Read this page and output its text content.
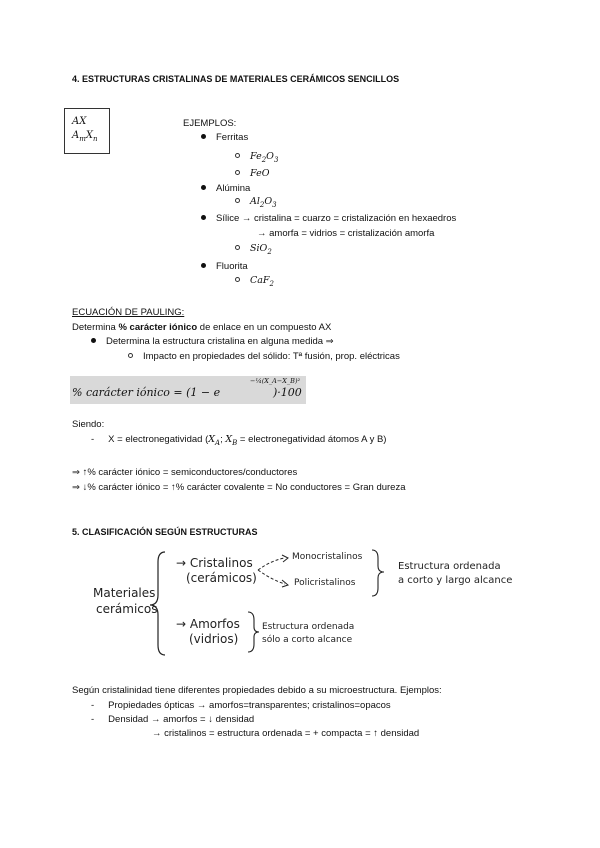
4. ESTRUCTURAS CRISTALINAS DE MATERIALES CERÁMICOS SENCILLOS
AX
$A_mX_n$
EJEMPLOS:
Ferritas
$Fe_2O_3$
FeO
Alúmina
$Al_2O_3$
Sílice → cristalina = cuarzo = cristalización en hexaedros
→ amorfa = vidrios = cristalización amorfa
SiO$_2$
Fluorita
CaF$_2$
ECUACIÓN DE PAULING:
Determina % carácter iónico de enlace en un compuesto AX
Determina la estructura cristalina en alguna medida ⇒
Impacto en propiedades del sólido: Tª fusión, prop. eléctricas
% carácter iónico = (1 − e
−¼(X_A−X_B)²
)·100
Siendo:
- X = electronegatividad ($X_A$; $X_B$ = electronegatividad átomos A y B)
⇒ ↑% carácter iónico = semiconductores/conductores
⇒ ↓% carácter iónico = ↑% carácter covalente = No conductores = Gran dureza
5. CLASIFICACIÓN SEGÚN ESTRUCTURAS
Materiales
cerámicos
→ Cristalinos
(cerámicos)
Monocristalinos
Policristalinos
Estructura ordenada
a corto y largo alcance
→ Amorfos
(vidrios)
Estructura ordenada
sólo a corto alcance
Según cristalinidad tiene diferentes propiedades debido a su microestructura. Ejemplos:
- Propiedades ópticas → amorfos=transparentes; cristalinos=opacos
- Densidad → amorfos = ↓ densidad
→ cristalinos = estructura ordenada = + compacta = ↑ densidad
